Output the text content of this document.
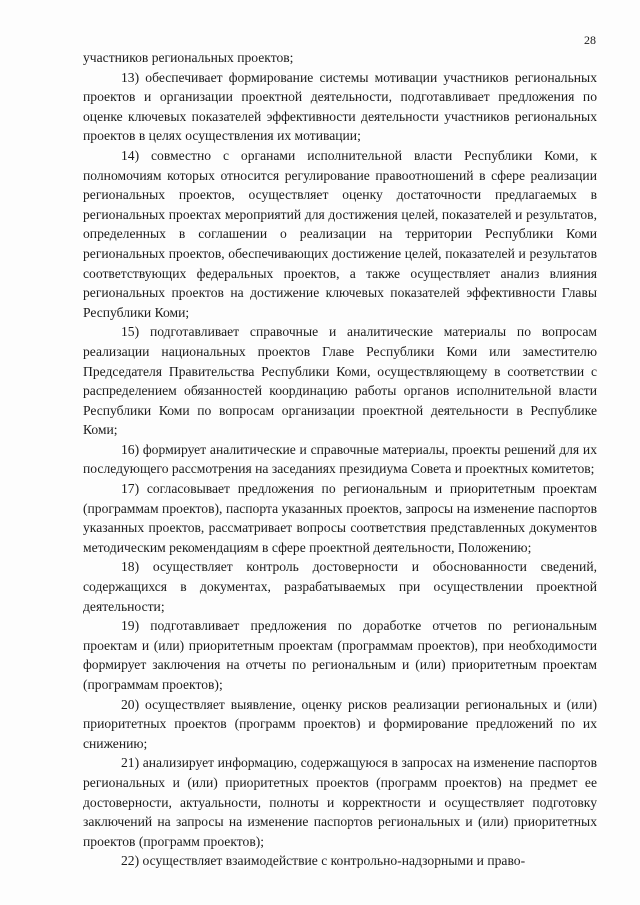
28

участников региональных проектов;

13) обеспечивает формирование системы мотивации участников региональных проектов и организации проектной деятельности, подготавливает предложения по оценке ключевых показателей эффективности деятельности участников региональных проектов в целях осуществления их мотивации;

14) совместно с органами исполнительной власти Республики Коми, к полномочиям которых относится регулирование правоотношений в сфере реализации региональных проектов, осуществляет оценку достаточности предлагаемых в региональных проектах мероприятий для достижения целей, показателей и результатов, определенных в соглашении о реализации на территории Республики Коми региональных проектов, обеспечивающих достижение целей, показателей и результатов соответствующих федеральных проектов, а также осуществляет анализ влияния региональных проектов на достижение ключевых показателей эффективности Главы Республики Коми;

15) подготавливает справочные и аналитические материалы по вопросам реализации национальных проектов Главе Республики Коми или заместителю Председателя Правительства Республики Коми, осуществляющему в соответствии с распределением обязанностей координацию работы органов исполнительной власти Республики Коми по вопросам организации проектной деятельности в Республике Коми;

16) формирует аналитические и справочные материалы, проекты решений для их последующего рассмотрения на заседаниях президиума Совета и проектных комитетов;

17) согласовывает предложения по региональным и приоритетным проектам (программам проектов), паспорта указанных проектов, запросы на изменение паспортов указанных проектов, рассматривает вопросы соответствия представленных документов методическим рекомендациям в сфере проектной деятельности, Положению;

18) осуществляет контроль достоверности и обоснованности сведений, содержащихся в документах, разрабатываемых при осуществлении проектной деятельности;

19) подготавливает предложения по доработке отчетов по региональным проектам и (или) приоритетным проектам (программам проектов), при необходимости формирует заключения на отчеты по региональным и (или) приоритетным проектам (программам проектов);

20) осуществляет выявление, оценку рисков реализации региональных и (или) приоритетных проектов (программ проектов) и формирование предложений по их снижению;

21) анализирует информацию, содержащуюся в запросах на изменение паспортов региональных и (или) приоритетных проектов (программ проектов) на предмет ее достоверности, актуальности, полноты и корректности и осуществляет подготовку заключений на запросы на изменение паспортов региональных и (или) приоритетных проектов (программ проектов);

22) осуществляет взаимодействие с контрольно-надзорными и право-
